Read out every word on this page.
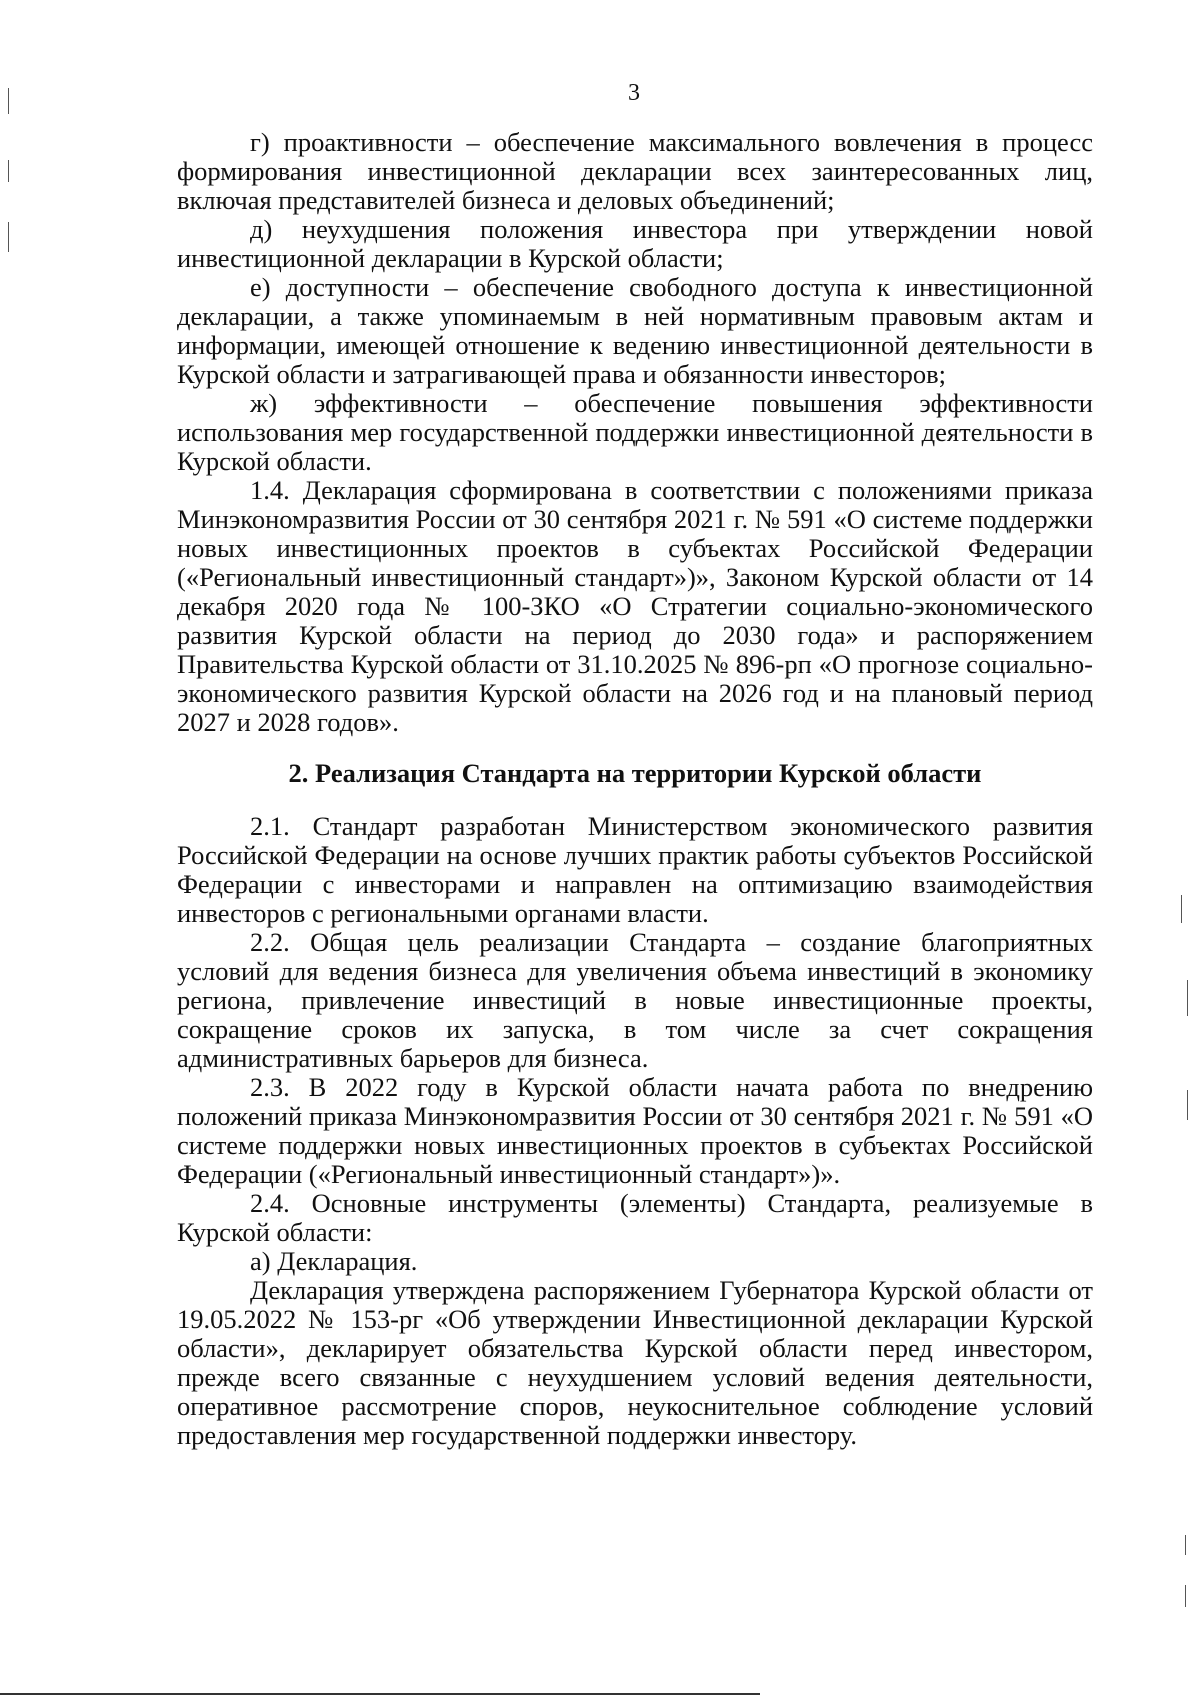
3

г) проактивности – обеспечение максимального вовлечения в процесс формирования инвестиционной декларации всех заинтересованных лиц, включая представителей бизнеса и деловых объединений;

д) неухудшения положения инвестора при утверждении новой инвестиционной декларации в Курской области;

е) доступности – обеспечение свободного доступа к инвестиционной декларации, а также упоминаемым в ней нормативным правовым актам и информации, имеющей отношение к ведению инвестиционной деятельности в Курской области и затрагивающей права и обязанности инвесторов;

ж) эффективности – обеспечение повышения эффективности использования мер государственной поддержки инвестиционной деятельности в Курской области.

1.4. Декларация сформирована в соответствии с положениями приказа Минэкономразвития России от 30 сентября 2021 г. № 591 «О системе поддержки новых инвестиционных проектов в субъектах Российской Федерации («Региональный инвестиционный стандарт»)», Законом Курской области от 14 декабря 2020 года № 100-ЗКО «О Стратегии социально-экономического развития Курской области на период до 2030 года» и распоряжением Правительства Курской области от 31.10.2025 № 896-рп «О прогнозе социально-экономического развития Курской области на 2026 год и на плановый период 2027 и 2028 годов».

2. Реализация Стандарта на территории Курской области

2.1. Стандарт разработан Министерством экономического развития Российской Федерации на основе лучших практик работы субъектов Российской Федерации с инвесторами и направлен на оптимизацию взаимодействия инвесторов с региональными органами власти.

2.2. Общая цель реализации Стандарта – создание благоприятных условий для ведения бизнеса для увеличения объема инвестиций в экономику региона, привлечение инвестиций в новые инвестиционные проекты, сокращение сроков их запуска, в том числе за счет сокращения административных барьеров для бизнеса.

2.3. В 2022 году в Курской области начата работа по внедрению положений приказа Минэкономразвития России от 30 сентября 2021 г. № 591 «О системе поддержки новых инвестиционных проектов в субъектах Российской Федерации («Региональный инвестиционный стандарт»)».

2.4. Основные инструменты (элементы) Стандарта, реализуемые в Курской области:

а) Декларация.

Декларация утверждена распоряжением Губернатора Курской области от 19.05.2022 № 153-рг «Об утверждении Инвестиционной декларации Курской области», декларирует обязательства Курской области перед инвестором, прежде всего связанные с неухудшением условий ведения деятельности, оперативное рассмотрение споров, неукоснительное соблюдение условий предоставления мер государственной поддержки инвестору.
